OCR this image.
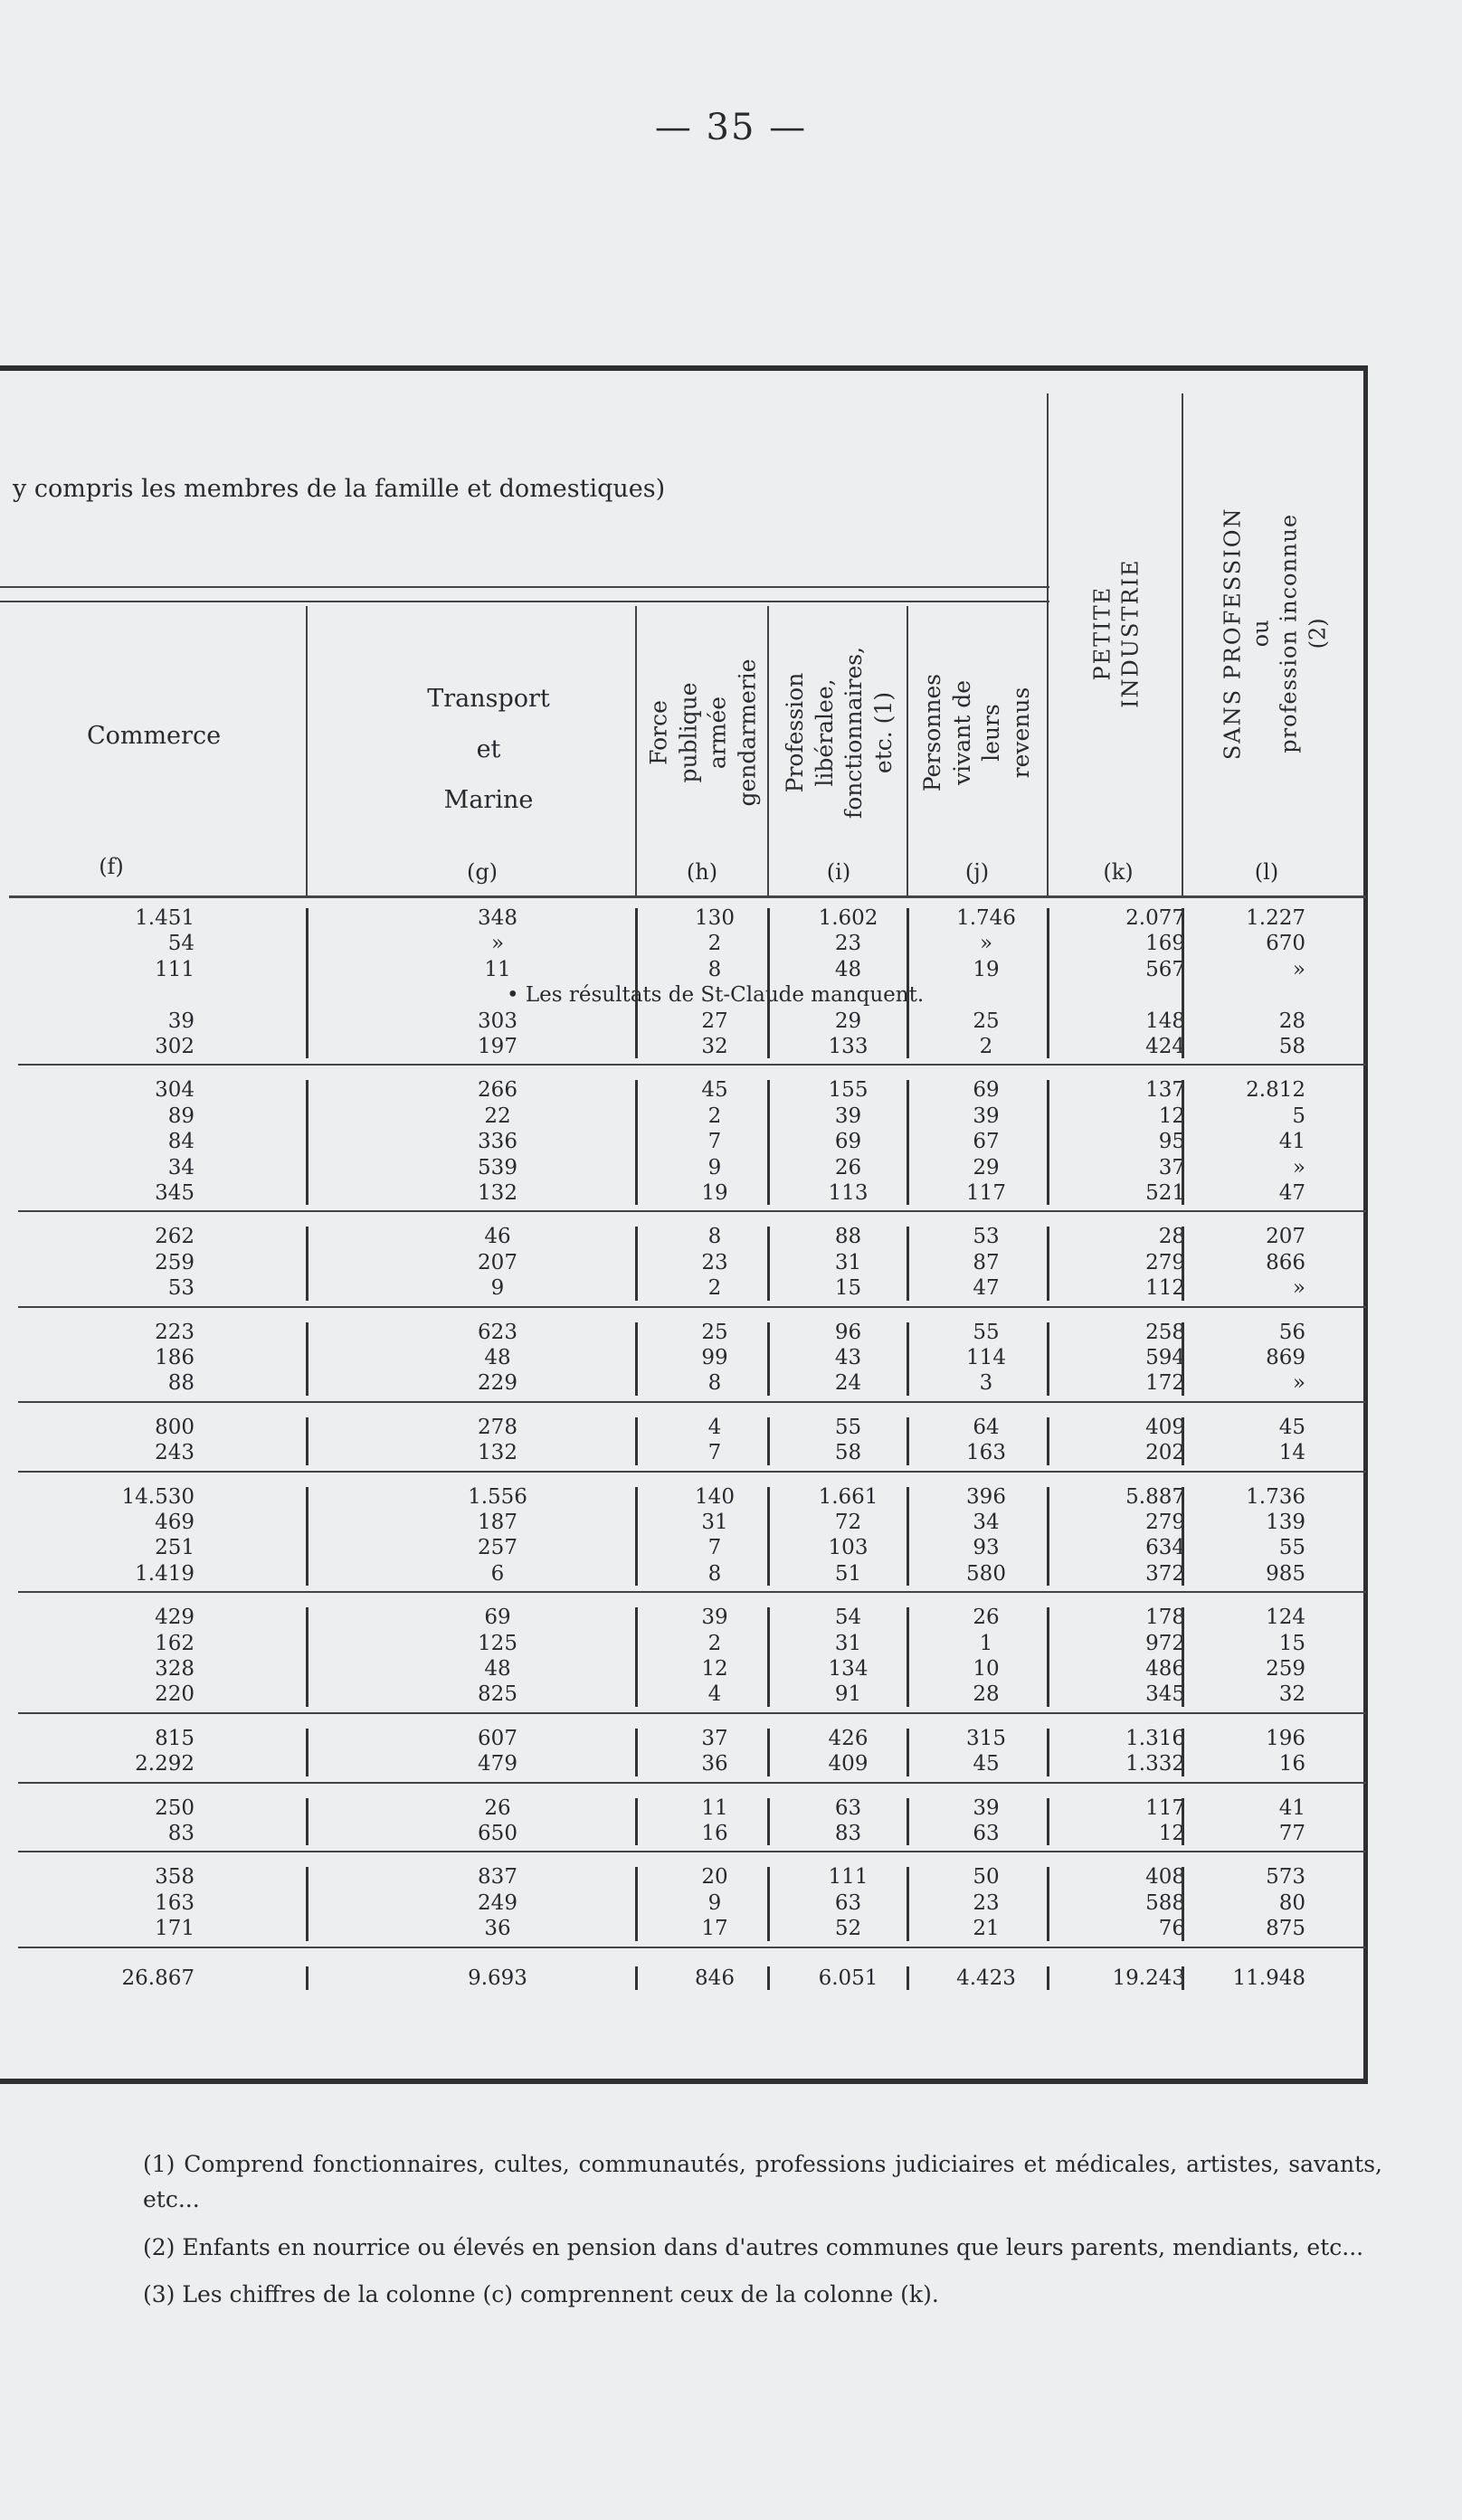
— 35 —
y compris les membres de la famille et domestiques)
Commerce
Transport
et
Marine
Force publique armée gendarmerie Profession libéralee, fonctionnaires, etc. (1) Personnes vivant de leurs revenus
PETITE INDUSTRIE	SANS PROFESSION ou profession inconnue (2)
(f)	(g)	(h)	(i)	(j)	(k)	(l)
1.451	348	130	1.602	1.746	2.077	1.227
54	»	2	23	»	169	670
111	11	8	48	19	567	»
• Les résultats de St-Claude manquent.
39	303	27	29	25	148	28
302	197	32	133	2	424	58
304	266	45	155	69	137	2.812
89	22	2	39	39	12	5
84	336	7	69	67	95	41
34	539	9	26	29	37	»
345	132	19	113	117	521	47
262	46	8	88	53	28	207
259	207	23	31	87	279	866
53	9	2	15	47	112	»
223	623	25	96	55	258	56
186	48	99	43	114	594	869
88	229	8	24	3	172	»
800	278	4	55	64	409	45
243	132	7	58	163	202	14
14.530	1.556	140	1.661	396	5.887	1.736
469	187	31	72	34	279	139
251	257	7	103	93	634	55
1.419	6	8	51	580	372	985
429	69	39	54	26	178	124
162	125	2	31	1	972	15
328	48	12	134	10	486	259
220	825	4	91	28	345	32
815	607	37	426	315	1.316	196
2.292	479	36	409	45	1.332	16
250	26	11	63	39	117	41
83	650	16	83	63	12	77
358	837	20	111	50	408	573
163	249	9	63	23	588	80
171	36	17	52	21	76	875
26.867	9.693	846	6.051	4.423	19.243	11.948

(1) Comprend fonctionnaires, cultes, communautés, professions judiciaires et médicales, artistes, savants, etc...

(2) Enfants en nourrice ou élevés en pension dans d'autres communes que leurs parents, mendiants, etc...

(3) Les chiffres de la colonne (c) comprennent ceux de la colonne (k).
